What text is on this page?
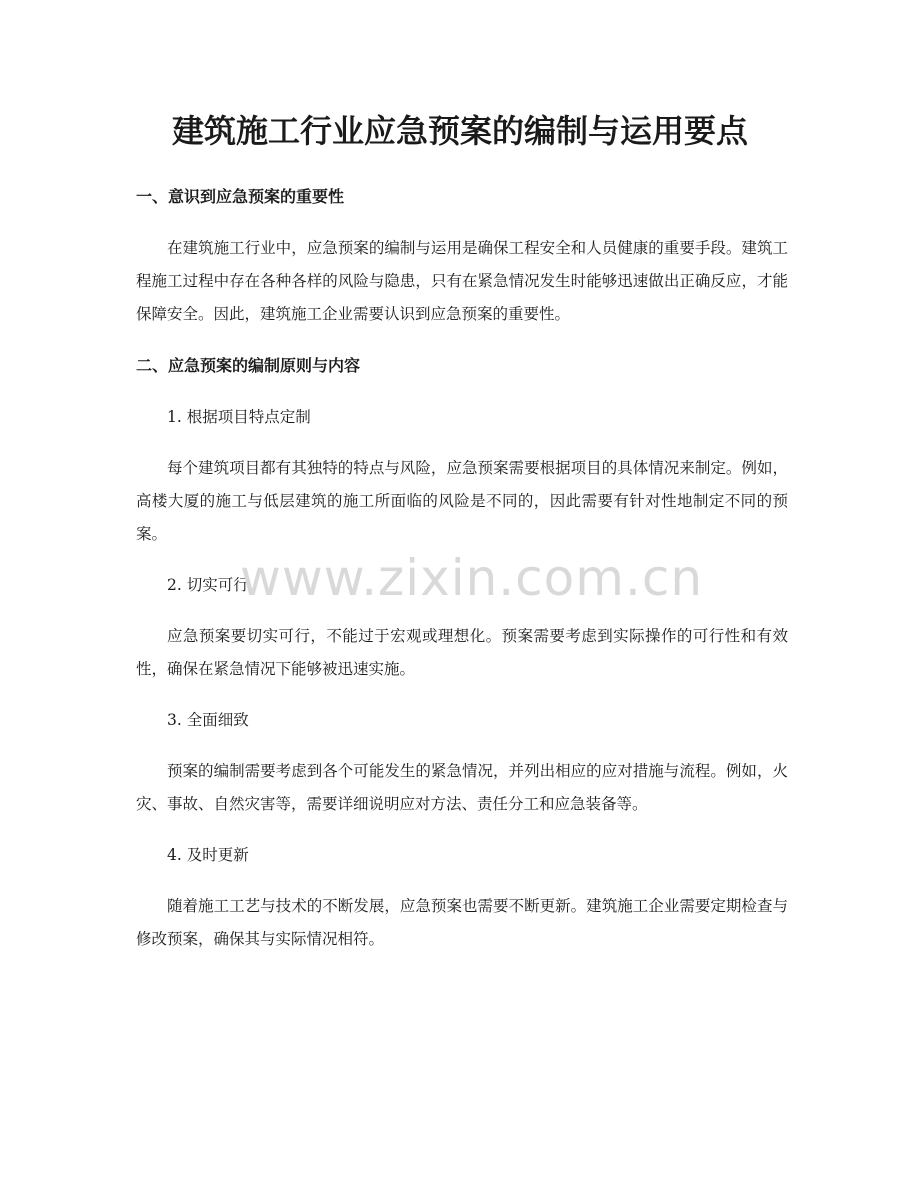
建筑施工行业应急预案的编制与运用要点
一、意识到应急预案的重要性

在建筑施工行业中，应急预案的编制与运用是确保工程安全和人员健康的重要手段。建筑工程施工过程中存在各种各样的风险与隐患，只有在紧急情况发生时能够迅速做出正确反应，才能保障安全。因此，建筑施工企业需要认识到应急预案的重要性。

二、应急预案的编制原则与内容

1. 根据项目特点定制

每个建筑项目都有其独特的特点与风险，应急预案需要根据项目的具体情况来制定。例如，高楼大厦的施工与低层建筑的施工所面临的风险是不同的，因此需要有针对性地制定不同的预案。

2. 切实可行

应急预案要切实可行，不能过于宏观或理想化。预案需要考虑到实际操作的可行性和有效性，确保在紧急情况下能够被迅速实施。

3. 全面细致

预案的编制需要考虑到各个可能发生的紧急情况，并列出相应的应对措施与流程。例如，火灾、事故、自然灾害等，需要详细说明应对方法、责任分工和应急装备等。

4. 及时更新

随着施工工艺与技术的不断发展，应急预案也需要不断更新。建筑施工企业需要定期检查与修改预案，确保其与实际情况相符。

www.zixin.com.cn
